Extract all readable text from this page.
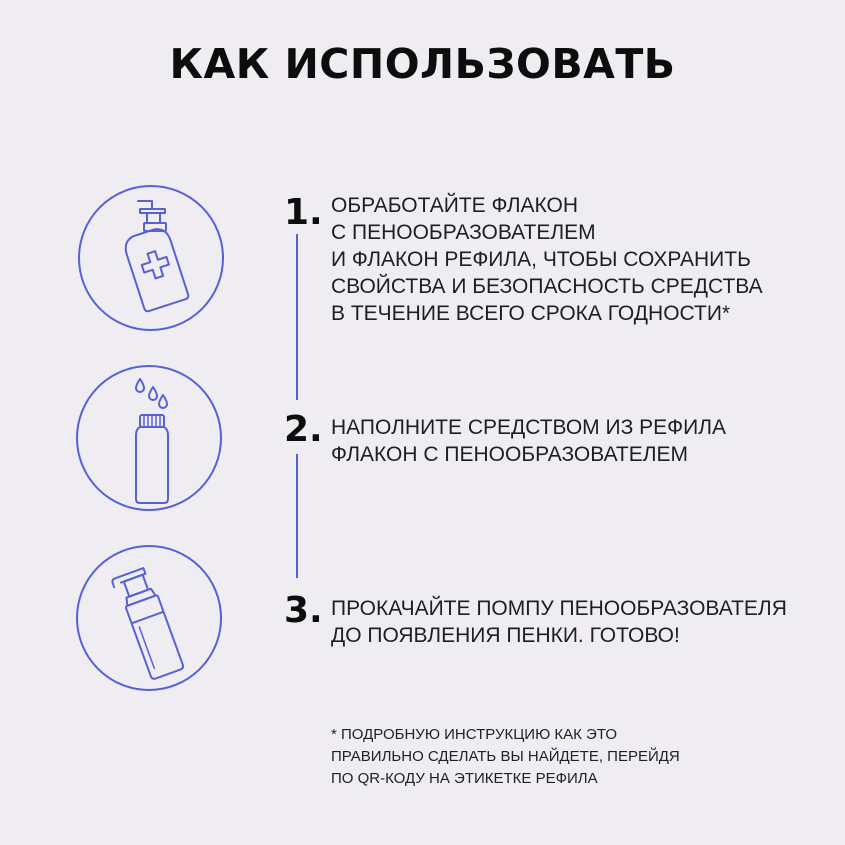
КАК ИСПОЛЬЗОВАТЬ
1. ОБРАБОТАЙТЕ ФЛАКОН
С ПЕНООБРАЗОВАТЕЛЕМ
И ФЛАКОН РЕФИЛА, ЧТОБЫ СОХРАНИТЬ
СВОЙСТВА И БЕЗОПАСНОСТЬ СРЕДСТВА
В ТЕЧЕНИЕ ВСЕГО СРОКА ГОДНОСТИ*
2. НАПОЛНИТЕ СРЕДСТВОМ ИЗ РЕФИЛА
ФЛАКОН С ПЕНООБРАЗОВАТЕЛЕМ
3. ПРОКАЧАЙТЕ ПОМПУ ПЕНООБРАЗОВАТЕЛЯ
ДО ПОЯВЛЕНИЯ ПЕНКИ. ГОТОВО!
* ПОДРОБНУЮ ИНСТРУКЦИЮ КАК ЭТО
ПРАВИЛЬНО СДЕЛАТЬ ВЫ НАЙДЕТЕ, ПЕРЕЙДЯ
ПО QR-КОДУ НА ЭТИКЕТКЕ РЕФИЛА
